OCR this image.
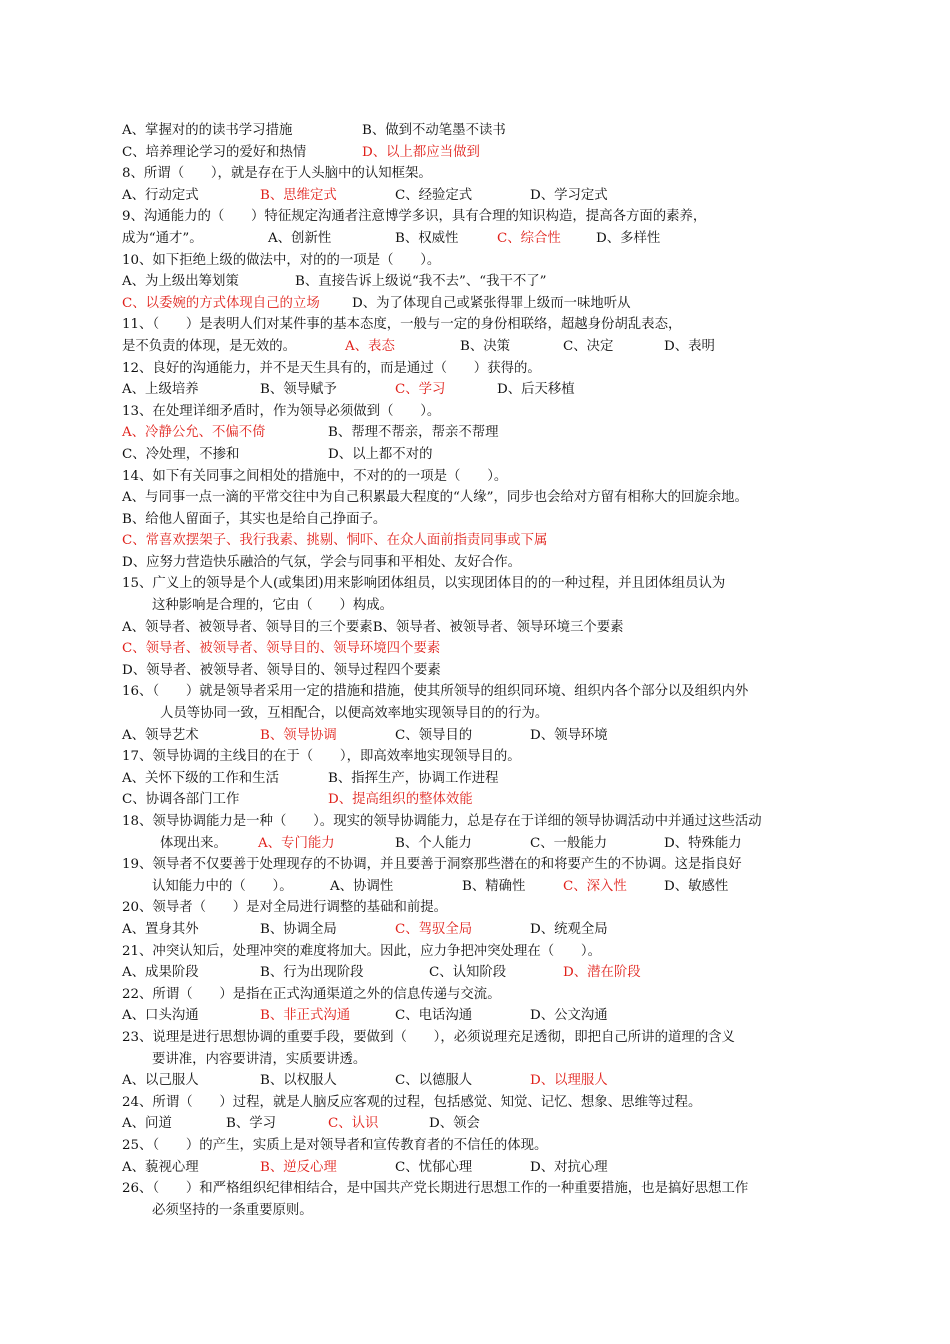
A、掌握对的的读书学习措施	B、做到不动笔墨不读书
C、培养理论学习的爱好和热情	D、以上都应当做到
8、所谓（　　），就是存在于人头脑中的认知框架。
A、行动定式	B、思维定式	C、经验定式	D、学习定式
9、沟通能力的（　　）特征规定沟通者注意博学多识，具有合理的知识构造，提高各方面的素养，
成为“通才”。	A、创新性	B、权威性	C、综合性	D、多样性
10、如下拒绝上级的做法中，对的的一项是（　　）。
A、为上级出筹划策	B、直接告诉上级说“我不去”、“我干不了”
C、以委婉的方式体现自己的立场 D、为了体现自己或紧张得罪上级而一味地听从
11、（　　）是表明人们对某件事的基本态度，一般与一定的身份相联络，超越身份胡乱表态，
是不负责的体现，是无效的。	A、表态	B、决策	C、决定	D、表明
12、良好的沟通能力，并不是天生具有的，而是通过（　　）获得的。
A、上级培养	B、领导赋予	C、学习	D、后天移植
13、在处理详细矛盾时，作为领导必须做到（　　）。
A、冷静公允、不偏不倚	B、帮理不帮亲，帮亲不帮理
C、冷处理，不掺和	D、以上都不对的
14、如下有关同事之间相处的措施中，不对的的一项是（　　）。
A、与同事一点一滴的平常交往中为自己积累最大程度的“人缘”，同步也会给对方留有相称大的回旋余地。
B、给他人留面子，其实也是给自己挣面子。
C、常喜欢摆架子、我行我素、挑剔、恫吓、在众人面前指责同事或下属
D、应努力营造快乐融洽的气氛，学会与同事和平相处、友好合作。
15、广义上的领导是个人(或集团)用来影响团体组员，以实现团体目的的一种过程，并且团体组员认为
这种影响是合理的，它由（　　）构成。
A、领导者、被领导者、领导目的三个要素B、领导者、被领导者、领导环境三个要素
C、领导者、被领导者、领导目的、领导环境四个要素
D、领导者、被领导者、领导目的、领导过程四个要素
16、（　　）就是领导者采用一定的措施和措施，使其所领导的组织同环境、组织内各个部分以及组织内外
人员等协同一致，互相配合，以便高效率地实现领导目的的行为。
A、领导艺术	B、领导协调	C、领导目的	D、领导环境
17、领导协调的主线目的在于（　　），即高效率地实现领导目的。
A、关怀下级的工作和生活	B、指挥生产，协调工作进程
C、协调各部门工作	D、提高组织的整体效能
18、领导协调能力是一种（　　）。现实的领导协调能力，总是存在于详细的领导协调活动中并通过这些活动
体现出来。 A、专门能力	B、个人能力	C、一般能力	D、特殊能力
19、领导者不仅要善于处理现存的不协调，并且要善于洞察那些潜在的和将要产生的不协调。这是指良好
认知能力中的（　　）。	A、协调性	B、精确性	C、深入性	D、敏感性
20、领导者（　　）是对全局进行调整的基础和前提。
A、置身其外	B、协调全局	C、驾驭全局	D、统观全局
21、冲突认知后，处理冲突的难度将加大。因此，应力争把冲突处理在（　　）。
A、成果阶段	B、行为出现阶段	C、认知阶段	D、潜在阶段
22、所谓（　　）是指在正式沟通渠道之外的信息传递与交流。
A、口头沟通	B、非正式沟通	C、电话沟通	D、公文沟通
23、说理是进行思想协调的重要手段，要做到（　　），必须说理充足透彻，即把自己所讲的道理的含义
要讲准，内容要讲清，实质要讲透。
A、以己服人	B、以权服人	C、以德服人	D、以理服人
24、所谓（　　）过程，就是人脑反应客观的过程，包括感觉、知觉、记忆、想象、思维等过程。
A、问道	B、学习	C、认识	D、领会
25、（　　）的产生，实质上是对领导者和宣传教育者的不信任的体现。
A、藐视心理	B、逆反心理	C、忧郁心理	D、对抗心理
26、（　　）和严格组织纪律相结合，是中国共产党长期进行思想工作的一种重要措施，也是搞好思想工作
必须坚持的一条重要原则。
